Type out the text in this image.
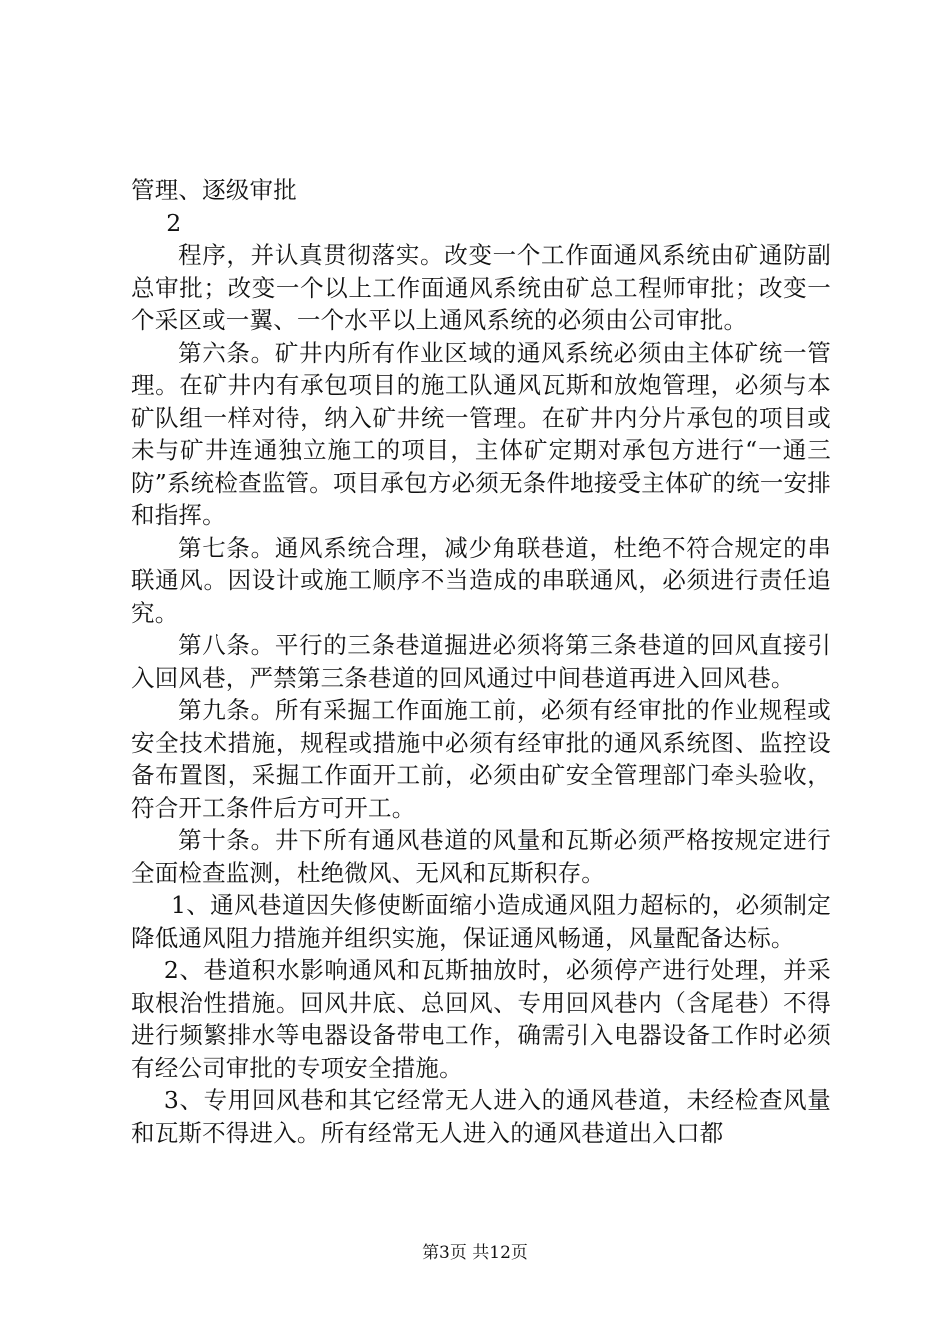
管理、逐级审批

2

程序，并认真贯彻落实。改变一个工作面通风系统由矿通防副总审批；改变一个以上工作面通风系统由矿总工程师审批；改变一个采区或一翼、一个水平以上通风系统的必须由公司审批。

第六条。矿井内所有作业区域的通风系统必须由主体矿统一管理。在矿井内有承包项目的施工队通风瓦斯和放炮管理，必须与本矿队组一样对待，纳入矿井统一管理。在矿井内分片承包的项目或未与矿井连通独立施工的项目，主体矿定期对承包方进行“一通三防”系统检查监管。项目承包方必须无条件地接受主体矿的统一安排和指挥。

第七条。通风系统合理，减少角联巷道，杜绝不符合规定的串联通风。因设计或施工顺序不当造成的串联通风，必须进行责任追究。

第八条。平行的三条巷道掘进必须将第三条巷道的回风直接引入回风巷，严禁第三条巷道的回风通过中间巷道再进入回风巷。

第九条。所有采掘工作面施工前，必须有经审批的作业规程或安全技术措施，规程或措施中必须有经审批的通风系统图、监控设备布置图，采掘工作面开工前，必须由矿安全管理部门牵头验收，符合开工条件后方可开工。

第十条。井下所有通风巷道的风量和瓦斯必须严格按规定进行全面检查监测，杜绝微风、无风和瓦斯积存。

1、通风巷道因失修使断面缩小造成通风阻力超标的，必须制定降低通风阻力措施并组织实施，保证通风畅通，风量配备达标。

2、巷道积水影响通风和瓦斯抽放时，必须停产进行处理，并采取根治性措施。回风井底、总回风、专用回风巷内（含尾巷）不得进行频繁排水等电器设备带电工作，确需引入电器设备工作时必须有经公司审批的专项安全措施。

3、专用回风巷和其它经常无人进入的通风巷道，未经检查风量和瓦斯不得进入。所有经常无人进入的通风巷道出入口都

第3页 共12页
